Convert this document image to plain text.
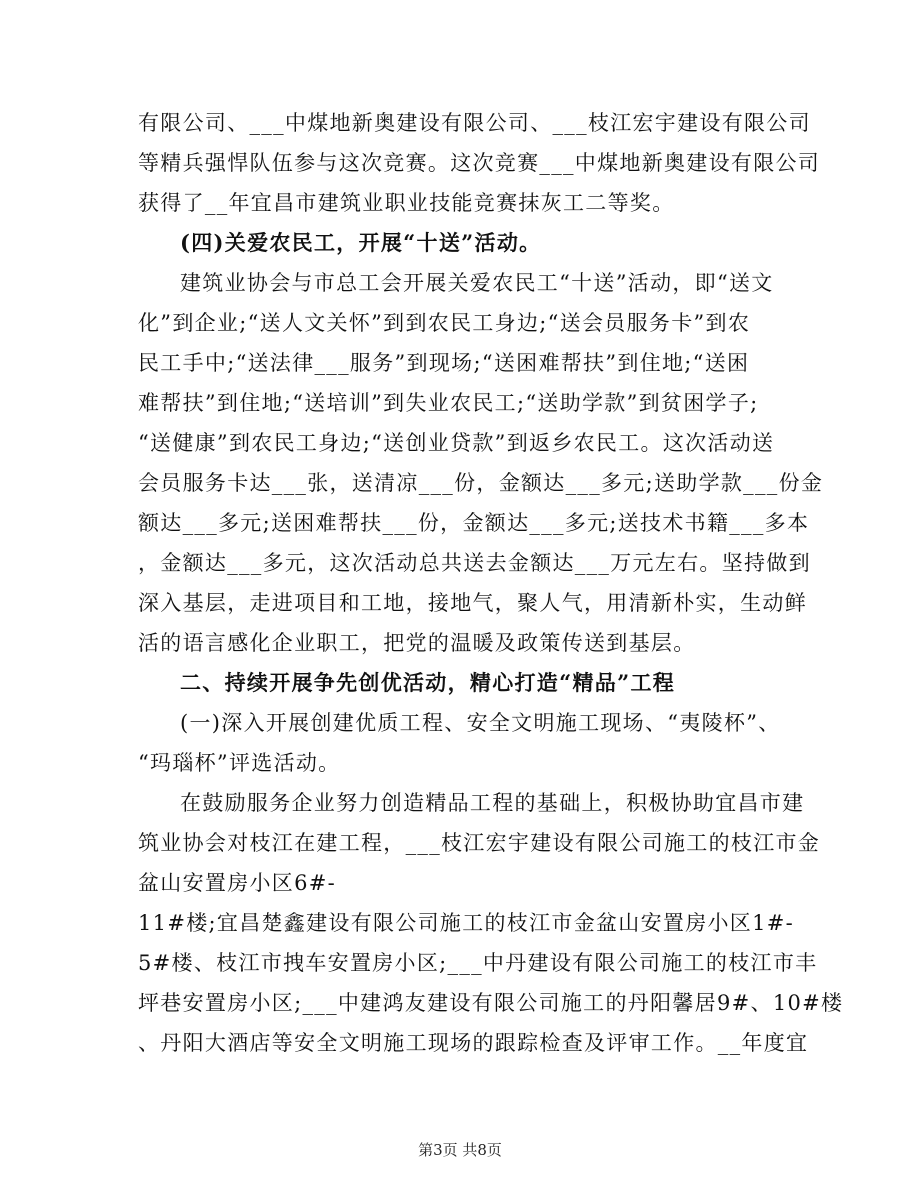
有限公司、___中煤地新奥建设有限公司、___枝江宏宇建设有限公司
等精兵强悍队伍参与这次竞赛。这次竞赛___中煤地新奥建设有限公司
获得了__年宜昌市建筑业职业技能竞赛抹灰工二等奖。
(四)关爱农民工，开展“十送”活动。
建筑业协会与市总工会开展关爱农民工“十送”活动，即“送文
化”到企业;“送人文关怀”到到农民工身边;“送会员服务卡”到农
民工手中;“送法律___服务”到现场;“送困难帮扶”到住地;“送困
难帮扶”到住地;“送培训”到失业农民工;“送助学款”到贫困学子;
“送健康”到农民工身边;“送创业贷款”到返乡农民工。这次活动送
会员服务卡达___张，送清凉___份，金额达___多元;送助学款___份金
额达___多元;送困难帮扶___份，金额达___多元;送技术书籍___多本
，金额达___多元，这次活动总共送去金额达___万元左右。坚持做到
深入基层，走进项目和工地，接地气，聚人气，用清新朴实，生动鲜
活的语言感化企业职工，把党的温暖及政策传送到基层。
二、持续开展争先创优活动，精心打造“精品”工程
(一)深入开展创建优质工程、安全文明施工现场、“夷陵杯”、
“玛瑙杯”评选活动。
在鼓励服务企业努力创造精品工程的基础上，积极协助宜昌市建
筑业协会对枝江在建工程，___枝江宏宇建设有限公司施工的枝江市金
盆山安置房小区6#-
11#楼;宜昌楚鑫建设有限公司施工的枝江市金盆山安置房小区1#-
5#楼、枝江市拽车安置房小区;___中丹建设有限公司施工的枝江市丰
坪巷安置房小区;___中建鸿友建设有限公司施工的丹阳馨居9#、10#楼
、丹阳大酒店等安全文明施工现场的跟踪检查及评审工作。__年度宜
第3页 共8页
